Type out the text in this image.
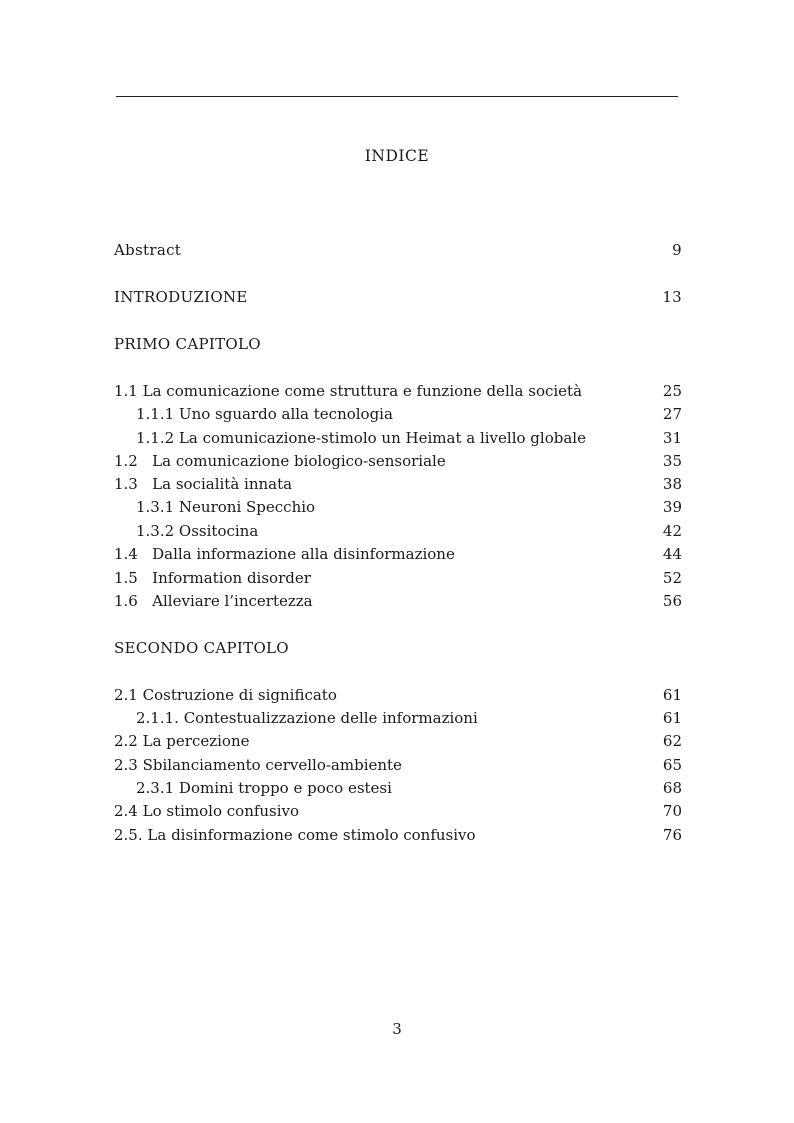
INDICE
Abstract	9
INTRODUZIONE	13
PRIMO CAPITOLO
1.1 La comunicazione come struttura e funzione della società	25
1.1.1 Uno sguardo alla tecnologia	27
1.1.2 La comunicazione-stimolo un Heimat a livello globale	31
1.2   La comunicazione biologico-sensoriale	35
1.3   La socialità innata	38
1.3.1 Neuroni Specchio	39
1.3.2 Ossitocina	42
1.4   Dalla informazione alla disinformazione	44
1.5   Information disorder	52
1.6   Alleviare l’incertezza	56
SECONDO CAPITOLO
2.1 Costruzione di significato	61
2.1.1. Contestualizzazione delle informazioni	61
2.2 La percezione	62
2.3 Sbilanciamento cervello-ambiente	65
2.3.1 Domini troppo e poco estesi	68
2.4 Lo stimolo confusivo	70
2.5. La disinformazione come stimolo confusivo	76
3
